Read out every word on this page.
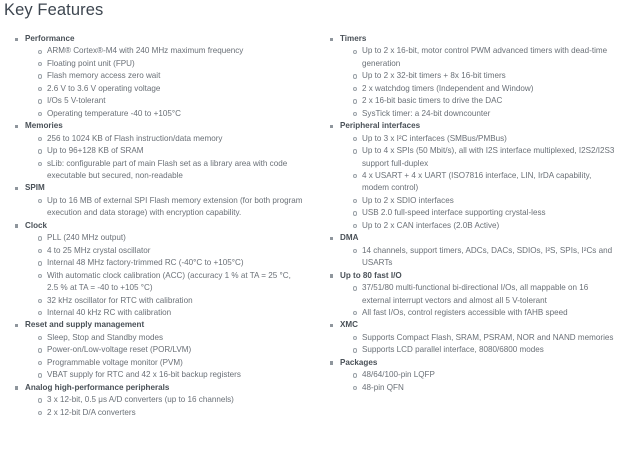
Key Features
Performance
ARM® Cortex®-M4 with 240 MHz maximum frequency
Floating point unit (FPU)
Flash memory access zero wait
2.6 V to 3.6 V operating voltage
I/Os 5 V-tolerant
Operating temperature -40 to +105°C
Memories
256 to 1024 KB of Flash instruction/data memory
Up to 96+128 KB of SRAM
sLib: configurable part of main Flash set as a library area with code executable but secured, non-readable
SPIM
Up to 16 MB of external SPI Flash memory extension (for both program execution and data storage) with encryption capability.
Clock
PLL (240 MHz output)
4 to 25 MHz crystal oscillator
Internal 48 MHz factory-trimmed RC (-40°C to +105°C)
With automatic clock calibration (ACC) (accuracy 1 % at TA = 25 °C, 2.5 % at TA = -40 to +105 °C)
32 kHz oscillator for RTC with calibration
Internal 40 kHz RC with calibration
Reset and supply management
Sleep, Stop and Standby modes
Power-on/Low-voltage reset (POR/LVM)
Programmable voltage monitor (PVM)
VBAT supply for RTC and 42 x 16-bit backup registers
Analog high-performance peripherals
3 x 12-bit, 0.5 μs A/D converters (up to 16 channels)
2 x 12-bit D/A converters
Timers
Up to 2 x 16-bit, motor control PWM advanced timers with dead-time generation
Up to 2 x 32-bit timers + 8x 16-bit timers
2 x watchdog timers (Independent and Window)
2 x 16-bit basic timers to drive the DAC
SysTick timer: a 24-bit downcounter
Peripheral interfaces
Up to 3 x I²C interfaces (SMBus/PMBus)
Up to 4 x SPIs (50 Mbit/s), all with I2S interface multiplexed, I2S2/I2S3 support full-duplex
4 x USART + 4 x UART (ISO7816 interface, LIN, IrDA capability, modem control)
Up to 2 x SDIO interfaces
USB 2.0 full-speed interface supporting crystal-less
Up to 2 x CAN interfaces (2.0B Active)
DMA
14 channels, support timers, ADCs, DACs, SDIOs, I²S, SPIs, I²Cs and USARTs
Up to 80 fast I/O
37/51/80 multi-functional bi-directional I/Os, all mappable on 16 external interrupt vectors and almost all 5 V-tolerant
All fast I/Os, control registers accessible with fAHB speed
XMC
Supports Compact Flash, SRAM, PSRAM, NOR and NAND memories
Supports LCD parallel interface, 8080/6800 modes
Packages
48/64/100-pin LQFP
48-pin QFN
